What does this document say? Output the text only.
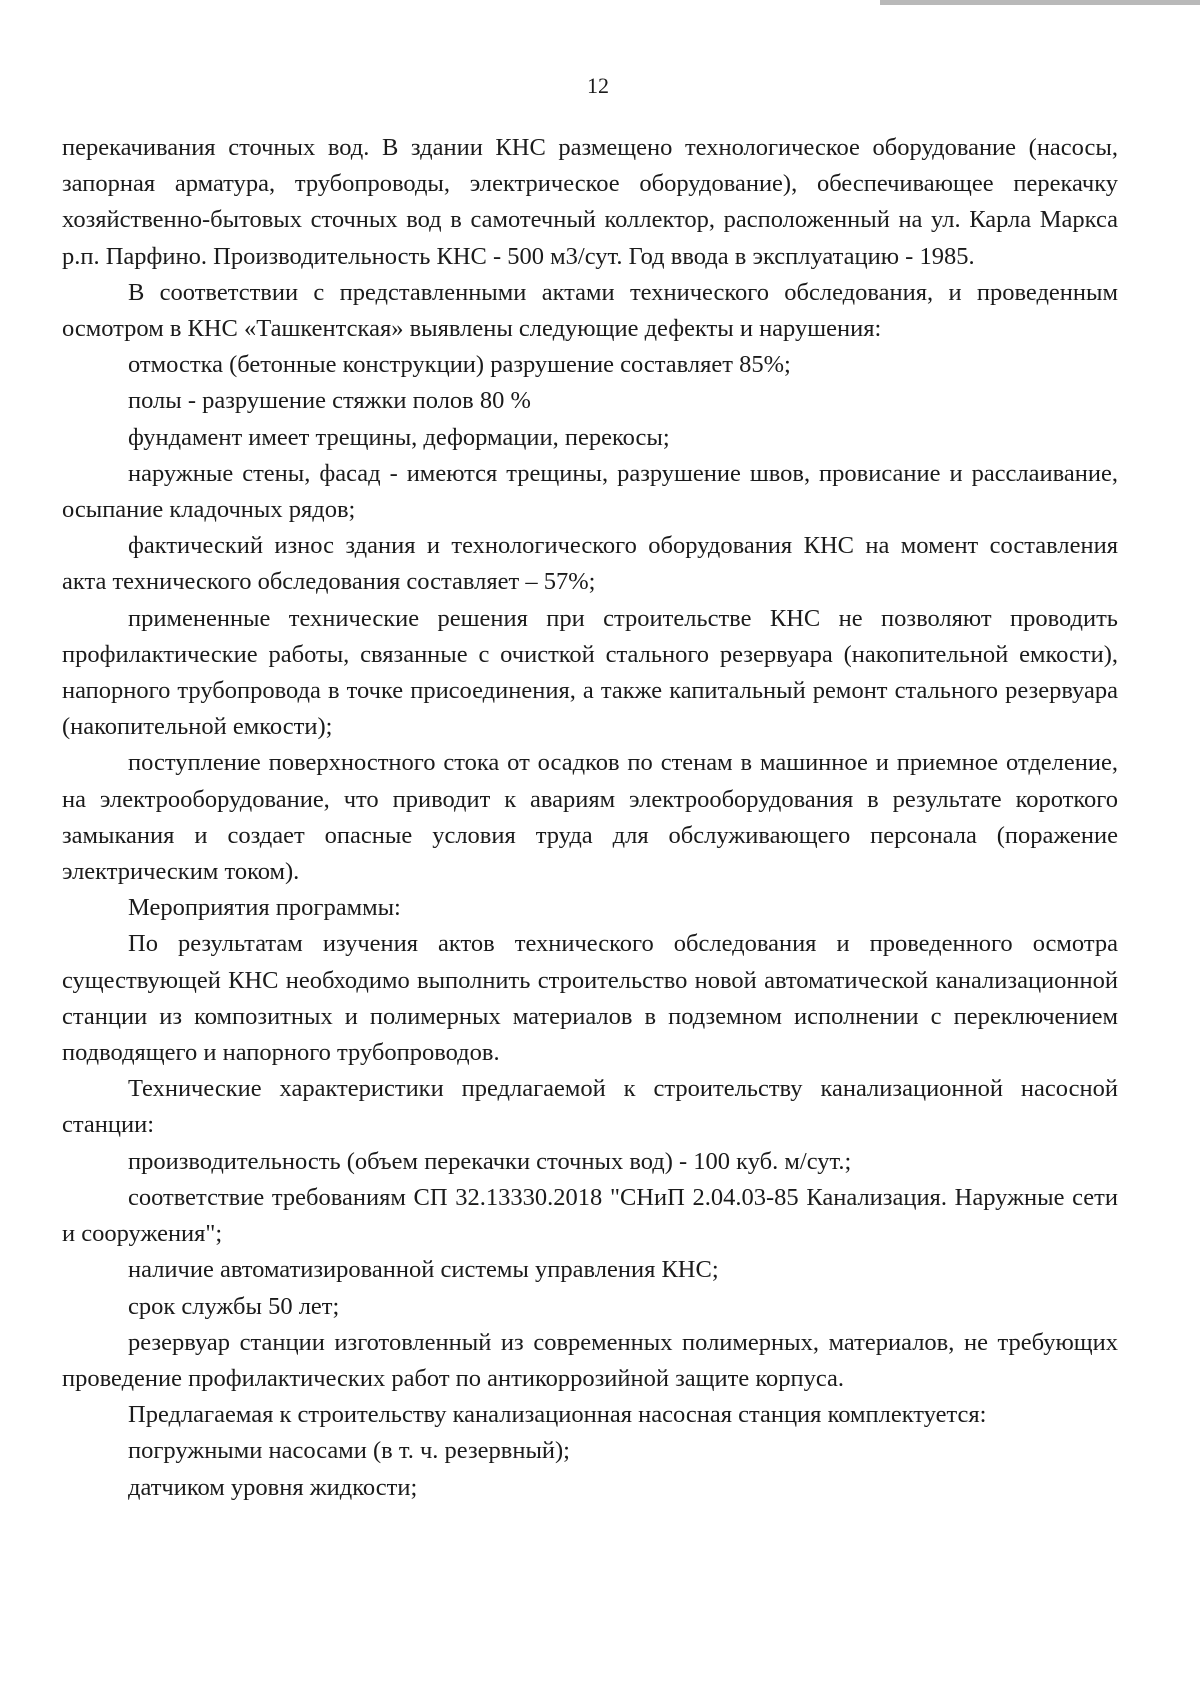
12

перекачивания сточных вод. В здании КНС размещено технологическое оборудование (насосы, запорная арматура, трубопроводы, электрическое оборудование), обеспечивающее перекачку хозяйственно-бытовых сточных вод в самотечный коллектор, расположенный на ул. Карла Маркса р.п. Парфино. Производительность КНС - 500 м3/сут. Год ввода в эксплуатацию - 1985.

В соответствии с представленными актами технического обследования, и проведенным осмотром в КНС «Ташкентская» выявлены следующие дефекты и нарушения:

отмостка (бетонные конструкции) разрушение составляет 85%;

полы - разрушение стяжки полов 80 %

фундамент имеет трещины, деформации, перекосы;

наружные стены, фасад - имеются трещины, разрушение швов, провисание и расслаивание, осыпание кладочных рядов;

фактический износ здания и технологического оборудования КНС на момент составления акта технического обследования составляет – 57%;

примененные технические решения при строительстве КНС не позволяют проводить профилактические работы, связанные с очисткой стального резервуара (накопительной емкости), напорного трубопровода в точке присоединения, а также капитальный ремонт стального резервуара (накопительной емкости);

поступление поверхностного стока от осадков по стенам в машинное и приемное отделение, на электрооборудование, что приводит к авариям электрооборудования в результате короткого замыкания и создает опасные условия труда для обслуживающего персонала (поражение электрическим током).

Мероприятия программы:

По результатам изучения актов технического обследования и проведенного осмотра существующей КНС необходимо выполнить строительство новой автоматической канализационной станции из композитных и полимерных материалов в подземном исполнении с переключением подводящего и напорного трубопроводов.

Технические характеристики предлагаемой к строительству канализационной насосной станции:

производительность (объем перекачки сточных вод) - 100 куб. м/сут.;

соответствие требованиям СП 32.13330.2018 "СНиП 2.04.03-85 Канализация. Наружные сети и сооружения";

наличие автоматизированной системы управления КНС;

срок службы 50 лет;

резервуар станции изготовленный из современных полимерных, материалов, не требующих проведение профилактических работ по антикоррозийной защите корпуса.

Предлагаемая к строительству канализационная насосная станция комплектуется:

погружными насосами (в т. ч. резервный);

датчиком уровня жидкости;
